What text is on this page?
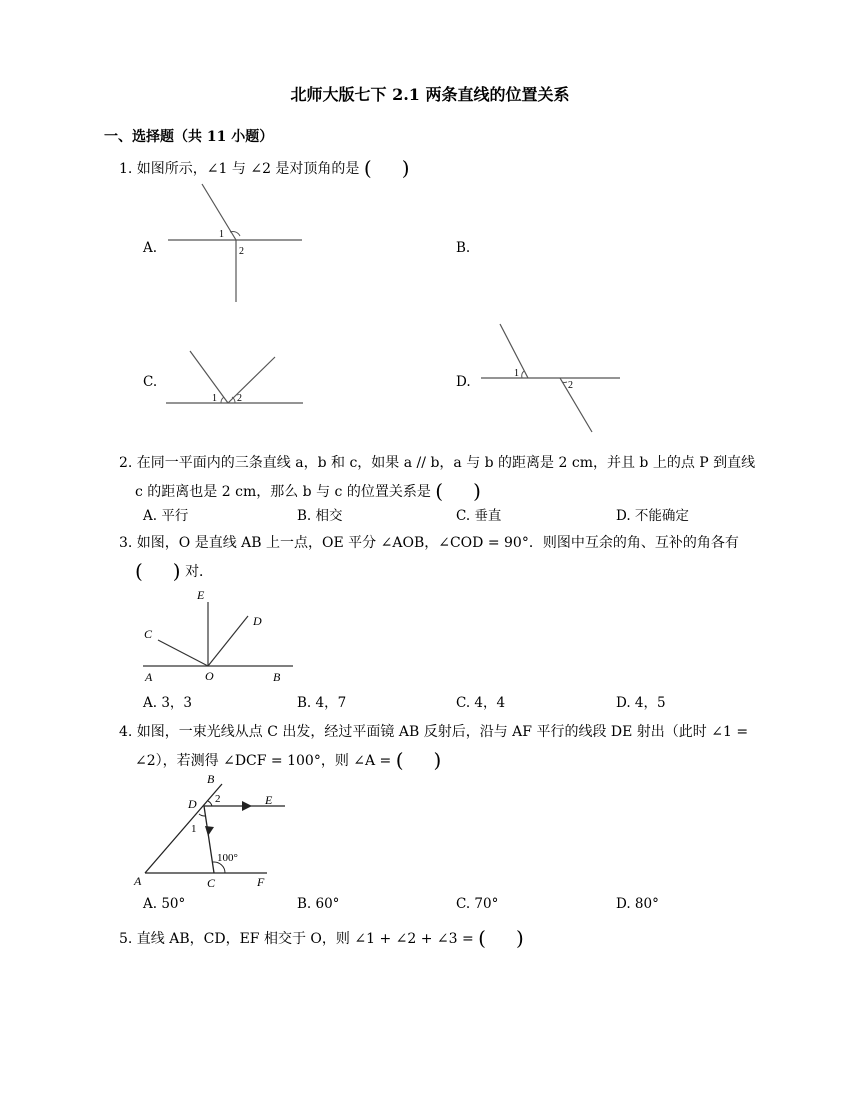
北师大版七下 2.1 两条直线的位置关系
一、选择题（共 11 小题）
1. 如图所示，∠1 与 ∠2 是对顶角的是 (  )
A.
1
2	B.
C.
1 2
D.
1
2
2. 在同一平面内的三条直线 a，b 和 c，如果 a // b，a 与 b 的距离是 2 cm，并且 b 上的点 P 到直线
c 的距离也是 2 cm，那么 b 与 c 的位置关系是 (  )
A. 平行	B. 相交	C. 垂直	D. 不能确定
3. 如图，O 是直线 AB 上一点，OE 平分 ∠AOB，∠COD = 90°．则图中互余的角、互补的角各有
(  ) 对．
E
D
C
A	O	B
A. 3，3	B. 4，7	C. 4，4	D. 4，5
4. 如图，一束光线从点 C 出发，经过平面镜 AB 反射后，沿与 AF 平行的线段 DE 射出（此时 ∠1 =
∠2），若测得 ∠DCF = 100°，则 ∠A = (  )
B
D 2	E
1
100°
A	C	F
A. 50°	B. 60°	C. 70°	D. 80°
5. 直线 AB，CD，EF 相交于 O，则 ∠1 + ∠2 + ∠3 = (  )
